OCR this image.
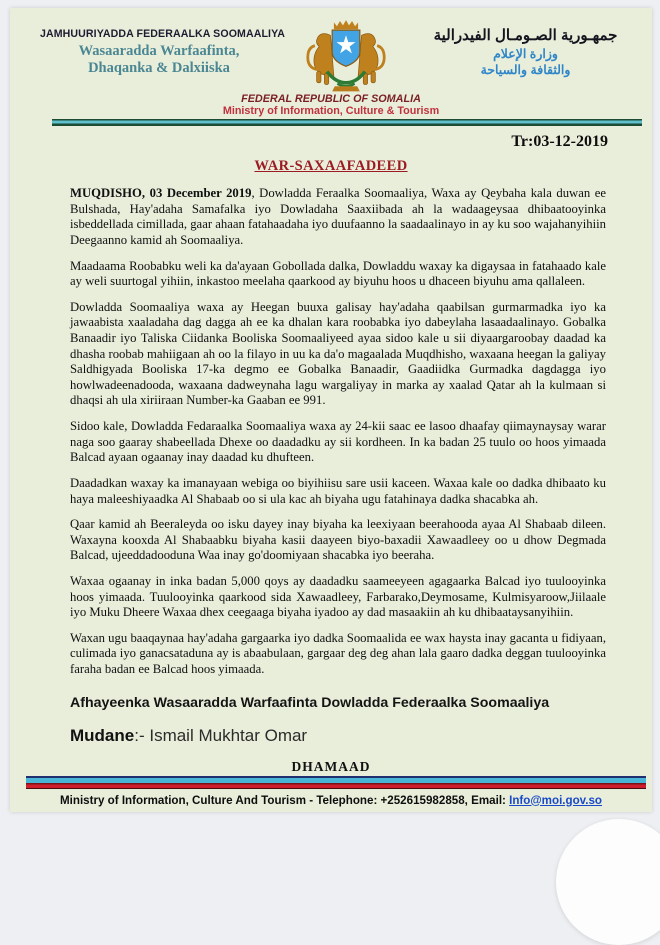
JAMHUURIYADDA FEDERAALKA SOOMAALIYA
Wasaaradda Warfaafinta,
Dhaqanka & Dalxiiska
جمهـورية الصـومـال الفيدرالية
وزارة الإعلام
والثقافة والسياحة
FEDERAL REPUBLIC OF SOMALIA
Ministry of Information, Culture & Tourism
Tr:03-12-2019
WAR-SAXAAFADEED

MUQDISHO, 03 December 2019, Dowladda Feraalka Soomaaliya, Waxa ay Qeybaha kala duwan ee Bulshada, Hay'adaha Samafalka iyo Dowladaha Saaxiibada ah la wadaageysaa dhibaatooyinka isbeddellada cimillada, gaar ahaan fatahaadaha iyo duufaanno la saadaalinayo in ay ku soo wajahanyihiin Deegaanno kamid ah Soomaaliya.

Maadaama Roobabku weli ka da'ayaan Gobollada dalka, Dowladdu waxay ka digaysaa in fatahaado kale ay weli suurtogal yihiin, inkastoo meelaha qaarkood ay biyuhu hoos u dhaceen biyuhu ama qallaleen.

Dowladda Soomaaliya waxa ay Heegan buuxa galisay hay'adaha qaabilsan gurmarmadka iyo ka jawaabista xaaladaha dag dagga ah ee ka dhalan kara roobabka iyo dabeylaha lasaadaalinayo. Gobalka Banaadir iyo Taliska Ciidanka Booliska Soomaaliyeed ayaa sidoo kale u sii diyaargaroobay daadad ka dhasha roobab mahiigaan ah oo la filayo in uu ka da'o magaalada Muqdhisho, waxaana heegan la galiyay Saldhigyada Booliska 17-ka degmo ee Gobalka Banaadir, Gaadiidka Gurmadka dagdagga iyo howlwadeenadooda, waxaana dadweynaha lagu wargaliyay in marka ay xaalad Qatar ah la kulmaan si dhaqsi ah ula xiriiraan Number-ka Gaaban ee 991.

Sidoo kale, Dowladda Fedaraalka Soomaaliya waxa ay 24-kii saac ee lasoo dhaafay qiimaynaysay warar naga soo gaaray shabeellada Dhexe oo daadadku ay sii kordheen. In ka badan 25 tuulo oo hoos yimaada Balcad ayaan ogaanay inay daadad ku dhufteen.

Daadadkan waxay ka imanayaan webiga oo biyihiisu sare usii kaceen. Waxaa kale oo dadka dhibaato ku haya maleeshiyaadka Al Shabaab oo si ula kac ah biyaha ugu fatahinaya dadka shacabka ah.

Qaar kamid ah Beeraleyda oo isku dayey inay biyaha ka leexiyaan beerahooda ayaa Al Shabaab dileen. Waxayna kooxda Al Shabaabku biyaha kasii daayeen biyo-baxadii Xawaadleey oo u dhow Degmada Balcad, ujeeddadooduna Waa inay go'doomiyaan shacabka iyo beeraha.

Waxaa ogaanay in inka badan 5,000 qoys ay daadadku saameeyeen agagaarka Balcad iyo tuulooyinka hoos yimaada. Tuulooyinka qaarkood sida Xawaadleey, Farbarako,Deymosame, Kulmisyaroow,Jiilaale iyo Muku Dheere Waxaa dhex ceegaaga biyaha iyadoo ay dad masaakiin ah ku dhibaataysanyihiin.

Waxan ugu baaqaynaa hay'adaha gargaarka iyo dadka Soomaalida ee wax haysta inay gacanta u fidiyaan, culimada iyo ganacsataduna ay is abaabulaan, gargaar deg deg ahan lala gaaro dadka deggan tuulooyinka faraha badan ee Balcad hoos yimaada.

Afhayeenka Wasaaradda Warfaafinta Dowladda Federaalka Soomaaliya
Mudane:- Ismail Mukhtar Omar
DHAMAAD
Ministry of Information, Culture And Tourism - Telephone: +252615982858, Email: Info@moi.gov.so
